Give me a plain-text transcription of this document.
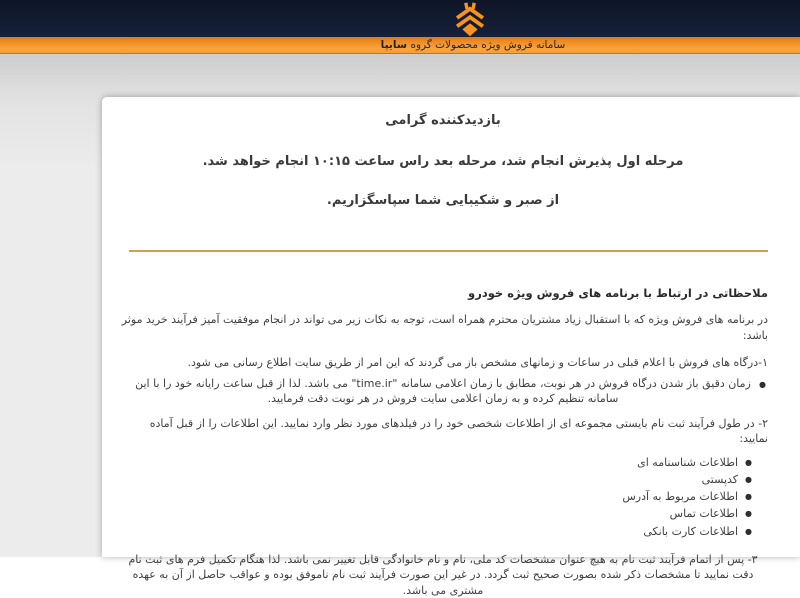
سامانه فروش ویژه محصولات گروه سایپا

بازدیدکننده گرامی

مرحله اول پذیرش انجام شد، مرحله بعد راس ساعت ۱۰:۱۵ انجام خواهد شد.

از صبر و شکیبایی شما سپاسگزاریم.

ملاحظاتی در ارتباط با برنامه های فروش ویژه خودرو

در برنامه های فروش ویژه که با استقبال زیاد مشتریان محترم همراه است، توجه به نکات زیر می تواند در انجام موفقیت آمیز فرآیند خرید موثر باشد:

۱-درگاه های فروش با اعلام قبلی در ساعات و زمانهای مشخص باز می گردند که این امر از طریق سایت اطلاع رسانی می شود.

●
زمان دقیق باز شدن درگاه فروش در هر نوبت، مطابق با زمان اعلامی سامانه "time.ir" می باشد. لذا از قبل ساعت رایانه خود را با این سامانه تنظیم کرده و به زمان اعلامی سایت فروش در هر نوبت دقت فرمایید.

۲- در طول فرآیند ثبت نام بایستی مجموعه ای از اطلاعات شخصی خود را در فیلدهای مورد نظر وارد نمایید. این اطلاعات را از قبل آماده نمایید:

●اطلاعات شناسنامه ای
●کدپستی
●اطلاعات مربوط به آدرس
●اطلاعات تماس
●اطلاعات کارت بانکی

۳- پس از اتمام فرآیند ثبت نام به هیچ عنوان مشخصات کد ملی، نام و نام خانوادگی قابل تغییر نمی باشد. لذا هنگام تکمیل فرم های ثبت نام دقت نمایید تا مشخصات ذکر شده بصورت صحیح ثبت گردد. در غیر این صورت فرآیند ثبت نام ناموفق بوده و عواقب حاصل از آن به عهده مشتری می باشد.
